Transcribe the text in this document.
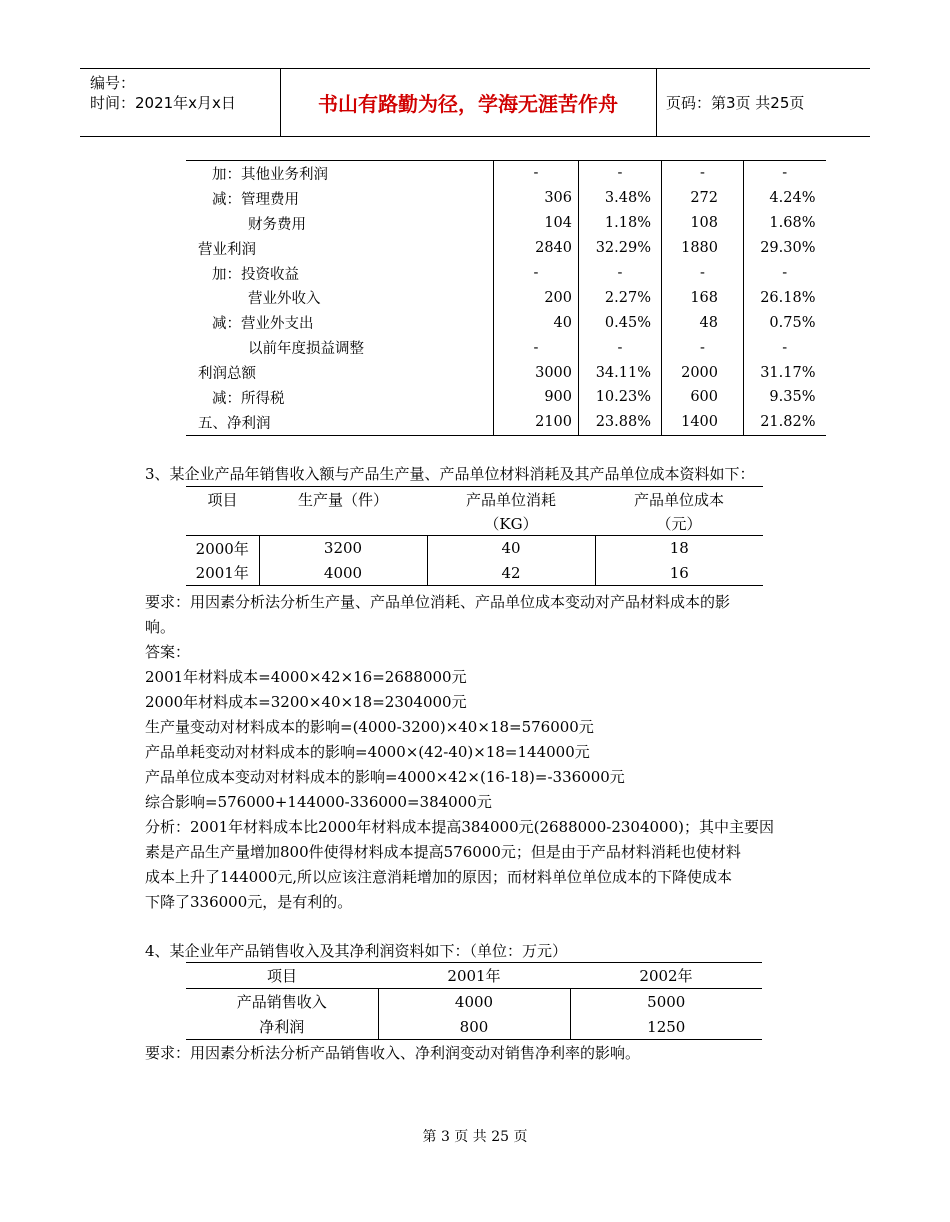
编号：
时间：2021年x月x日	书山有路勤为径，学海无涯苦作舟	页码：第3页 共25页
加：其他业务利润	-	-	-	-
减：管理费用	306	3.48%	272	4.24%
财务费用	104	1.18%	108	1.68%
营业利润	2840	32.29%	1880	29.30%
加：投资收益	-	-	-	-
营业外收入	200	2.27%	168	26.18%
减：营业外支出	40	0.45%	48	0.75%
以前年度损益调整	-	-	-	-
利润总额	3000	34.11%	2000	31.17%
减：所得税	900	10.23%	600	9.35%
五、净利润	2100	23.88%	1400	21.82%
3、某企业产品年销售收入额与产品生产量、产品单位材料消耗及其产品单位成本资料如下：
项目	生产量（件）	产品单位消耗	产品单位成本
		（KG）	（元）
2000年	3200	40	18
2001年	4000	42	16
要求：用因素分析法分析生产量、产品单位消耗、产品单位成本变动对产品材料成本的影
响。
答案：
2001年材料成本=4000×42×16=2688000元
2000年材料成本=3200×40×18=2304000元
生产量变动对材料成本的影响=(4000-3200)×40×18=576000元
产品单耗变动对材料成本的影响=4000×(42-40)×18=144000元
产品单位成本变动对材料成本的影响=4000×42×(16-18)=-336000元
综合影响=576000+144000-336000=384000元
分析：2001年材料成本比2000年材料成本提高384000元(2688000-2304000)；其中主要因
素是产品生产量增加800件使得材料成本提高576000元；但是由于产品材料消耗也使材料
成本上升了144000元,所以应该注意消耗增加的原因；而材料单位单位成本的下降使成本
下降了336000元，是有利的。
4、某企业年产品销售收入及其净利润资料如下：（单位：万元）
项目	2001年	2002年
产品销售收入	4000	5000
净利润	800	1250
要求：用因素分析法分析产品销售收入、净利润变动对销售净利率的影响。
第 3 页 共 25 页
